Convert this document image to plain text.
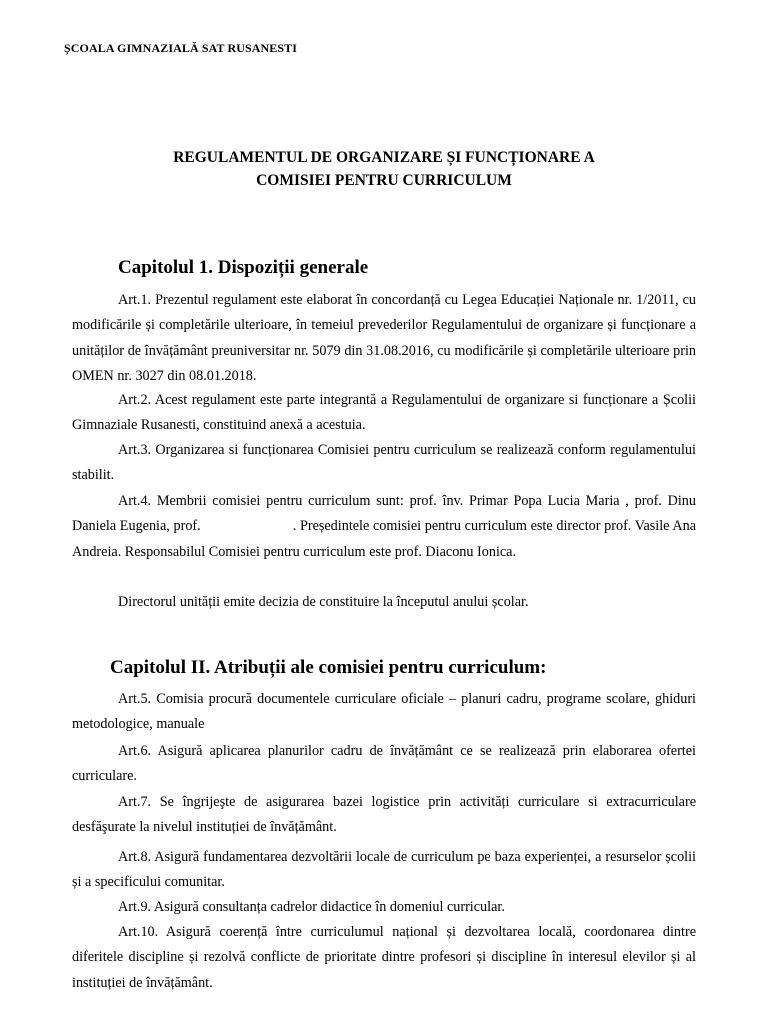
ȘCOALA GIMNAZIALĂ SAT RUSANESTI
REGULAMENTUL DE ORGANIZARE ȘI FUNCȚIONARE A
COMISIEI PENTRU CURRICULUM
Capitolul 1. Dispoziții generale
Art.1. Prezentul regulament este elaborat în concordanță cu Legea Educației Naționale nr. 1/2011, cu modificările și completările ulterioare, în temeiul prevederilor Regulamentului de organizare și funcționare a unităților de învățământ preuniversitar nr. 5079 din 31.08.2016, cu modificările și completările ulterioare prin OMEN nr. 3027 din 08.01.2018.
Art.2. Acest regulament este parte integrantă a Regulamentului de organizare si funcționare a Școlii Gimnaziale Rusanesti, constituind anexă a acestuia.
Art.3. Organizarea si funcționarea Comisiei pentru curriculum se realizează conform regulamentului stabilit.
Art.4. Membrii comisiei pentru curriculum sunt: prof. înv. Primar Popa Lucia Maria , prof. Dinu Daniela Eugenia, prof.	. Președintele comisiei pentru curriculum este director prof. Vasile Ana Andreia. Responsabilul Comisiei pentru curriculum este prof. Diaconu Ionica.
Directorul unității emite decizia de constituire la începutul anului școlar.
Capitolul II. Atribuții ale comisiei pentru curriculum:
Art.5. Comisia procură documentele curriculare oficiale – planuri cadru, programe scolare, ghiduri metodologice, manuale
Art.6. Asigură aplicarea planurilor cadru de învățământ ce se realizează prin elaborarea ofertei curriculare.
Art.7. Se îngrijeşte de asigurarea bazei logistice prin activități curriculare si extracurriculare desfăşurate la nivelul instituției de învățământ.
Art.8. Asigură fundamentarea dezvoltării locale de curriculum pe baza experienței, a resurselor școlii și a specificului comunitar.
Art.9. Asigură consultanța cadrelor didactice în domeniul curricular.
Art.10. Asigură coerență între curriculumul național și dezvoltarea locală, coordonarea dintre diferitele discipline și rezolvă conflicte de prioritate dintre profesori și discipline în interesul elevilor și al instituției de învățământ.
